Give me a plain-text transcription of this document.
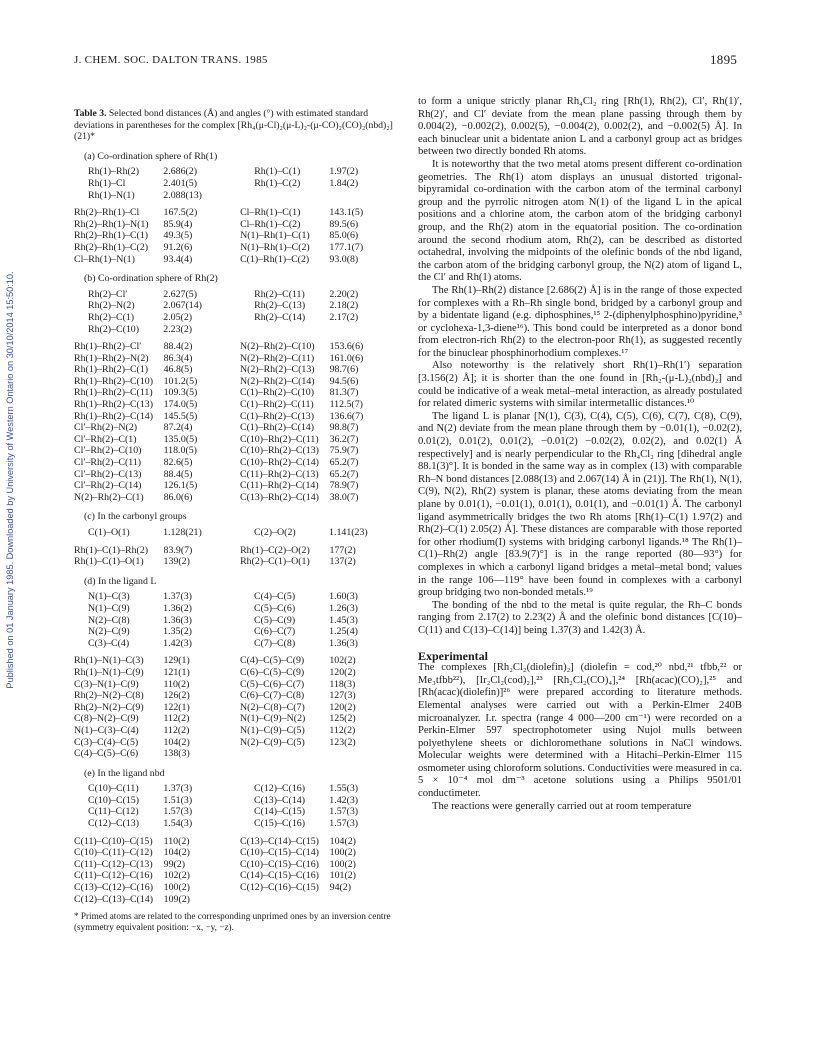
J. CHEM. SOC. DALTON TRANS. 1985	1895
Published on 01 January 1985. Downloaded by University of Western Ontario on 30/10/2014 15:50:10.
Table 3. Selected bond distances (Å) and angles (°) with estimated standard deviations in parentheses for the complex [Rh₄(μ-Cl)₂(μ-L)₂-(μ-CO)₂(CO)₂(nbd)₂] (21)*
(a) Co-ordination sphere of Rh(1)
Rh(1)–Rh(2)	2.686(2)	Rh(1)–C(1)	1.97(2)
Rh(1)–Cl	2.401(5)	Rh(1)–C(2)	1.84(2)
Rh(1)–N(1)	2.088(13)		
Rh(2)–Rh(1)–Cl	167.5(2)	Cl–Rh(1)–C(1)	143.1(5)
Rh(2)–Rh(1)–N(1)	85.9(4)	Cl–Rh(1)–C(2)	89.5(6)
Rh(2)–Rh(1)–C(1)	49.3(5)	N(1)–Rh(1)–C(1)	85.0(6)
Rh(2)–Rh(1)–C(2)	91.2(6)	N(1)–Rh(1)–C(2)	177.1(7)
Cl–Rh(1)–N(1)	93.4(4)	C(1)–Rh(1)–C(2)	93.0(8)
(b) Co-ordination sphere of Rh(2)
Rh(2)–Cl′	2.627(5)	Rh(2)–C(11)	2.20(2)
Rh(2)–N(2)	2.067(14)	Rh(2)–C(13)	2.18(2)
Rh(2)–C(1)	2.05(2)	Rh(2)–C(14)	2.17(2)
Rh(2)–C(10)	2.23(2)		
Rh(1)–Rh(2)–Cl′	88.4(2)	N(2)–Rh(2)–C(10)	153.6(6)
Rh(1)–Rh(2)–N(2)	86.3(4)	N(2)–Rh(2)–C(11)	161.0(6)
Rh(1)–Rh(2)–C(1)	46.8(5)	N(2)–Rh(2)–C(13)	98.7(6)
Rh(1)–Rh(2)–C(10)	101.2(5)	N(2)–Rh(2)–C(14)	94.5(6)
Rh(1)–Rh(2)–C(11)	109.3(5)	C(1)–Rh(2)–C(10)	81.3(7)
Rh(1)–Rh(2)–C(13)	174.0(5)	C(1)–Rh(2)–C(11)	112.5(7)
Rh(1)–Rh(2)–C(14)	145.5(5)	C(1)–Rh(2)–C(13)	136.6(7)
Cl′–Rh(2)–N(2)	87.2(4)	C(1)–Rh(2)–C(14)	98.8(7)
Cl′–Rh(2)–C(1)	135.0(5)	C(10)–Rh(2)–C(11)	36.2(7)
Cl′–Rh(2)–C(10)	118.0(5)	C(10)–Rh(2)–C(13)	75.9(7)
Cl′–Rh(2)–C(11)	82.6(5)	C(10)–Rh(2)–C(14)	65.2(7)
Cl′–Rh(2)–C(13)	88.4(5)	C(11)–Rh(2)–C(13)	65.2(7)
Cl′–Rh(2)–C(14)	126.1(5)	C(11)–Rh(2)–C(14)	78.9(7)
N(2)–Rh(2)–C(1)	86.0(6)	C(13)–Rh(2)–C(14)	38.0(7)
(c) In the carbonyl groups
C(1)–O(1)	1.128(21)	C(2)–O(2)	1.141(23)
Rh(1)–C(1)–Rh(2)	83.9(7)	Rh(1)–C(2)–O(2)	177(2)
Rh(1)–C(1)–O(1)	139(2)	Rh(2)–C(1)–O(1)	137(2)
(d) In the ligand L
N(1)–C(3)	1.37(3)	C(4)–C(5)	1.60(3)
N(1)–C(9)	1.36(2)	C(5)–C(6)	1.26(3)
N(2)–C(8)	1.36(3)	C(5)–C(9)	1.45(3)
N(2)–C(9)	1.35(2)	C(6)–C(7)	1.25(4)
C(3)–C(4)	1.42(3)	C(7)–C(8)	1.36(3)
Rh(1)–N(1)–C(3)	129(1)	C(4)–C(5)–C(9)	102(2)
Rh(1)–N(1)–C(9)	121(1)	C(6)–C(5)–C(9)	120(2)
C(3)–N(1)–C(9)	110(2)	C(5)–C(6)–C(7)	118(3)
Rh(2)–N(2)–C(8)	126(2)	C(6)–C(7)–C(8)	127(3)
Rh(2)–N(2)–C(9)	122(1)	N(2)–C(8)–C(7)	120(2)
C(8)–N(2)–C(9)	112(2)	N(1)–C(9)–N(2)	125(2)
N(1)–C(3)–C(4)	112(2)	N(1)–C(9)–C(5)	112(2)
C(3)–C(4)–C(5)	104(2)	N(2)–C(9)–C(5)	123(2)
C(4)–C(5)–C(6)	138(3)		
(e) In the ligand nbd
C(10)–C(11)	1.37(3)	C(12)–C(16)	1.55(3)
C(10)–C(15)	1.51(3)	C(13)–C(14)	1.42(3)
C(11)–C(12)	1.57(3)	C(14)–C(15)	1.57(3)
C(12)–C(13)	1.54(3)	C(15)–C(16)	1.57(3)
C(11)–C(10)–C(15)	110(2)	C(13)–C(14)–C(15)	104(2)
C(10)–C(11)–C(12)	104(2)	C(10)–C(15)–C(14)	100(2)
C(11)–C(12)–C(13)	99(2)	C(10)–C(15)–C(16)	100(2)
C(11)–C(12)–C(16)	102(2)	C(14)–C(15)–C(16)	101(2)
C(13)–C(12)–C(16)	100(2)	C(12)–C(16)–C(15)	94(2)
C(12)–C(13)–C(14)	109(2)		
* Primed atoms are related to the corresponding unprimed ones by an inversion centre (symmetry equivalent position: −x, −y, −z).

to form a unique strictly planar Rh₄Cl₂ ring [Rh(1), Rh(2), Cl′, Rh(1)′, Rh(2)′, and Cl′ deviate from the mean plane passing through them by 0.004(2), −0.002(2), 0.002(5), −0.004(2), 0.002(2), and −0.002(5) Å]. In each binuclear unit a bidentate anion L and a carbonyl group act as bridges between two directly bonded Rh atoms.

It is noteworthy that the two metal atoms present different co-ordination geometries. The Rh(1) atom displays an unusual distorted trigonal-bipyramidal co-ordination with the carbon atom of the terminal carbonyl group and the pyrrolic nitrogen atom N(1) of the ligand L in the apical positions and a chlorine atom, the carbon atom of the bridging carbonyl group, and the Rh(2) atom in the equatorial position. The co-ordination around the second rhodium atom, Rh(2), can be described as distorted octahedral, involving the midpoints of the olefinic bonds of the nbd ligand, the carbon atom of the bridging carbonyl group, the N(2) atom of ligand L, the Cl′ and Rh(1) atoms.

The Rh(1)–Rh(2) distance [2.686(2) Å] is in the range of those expected for complexes with a Rh–Rh single bond, bridged by a carbonyl group and by a bidentate ligand (e.g. diphosphines,¹⁵ 2-(diphenylphosphino)pyridine,³ or cyclohexa-1,3-diene¹⁶). This bond could be interpreted as a donor bond from electron-rich Rh(2) to the electron-poor Rh(1), as suggested recently for the binuclear phosphinorhodium complexes.¹⁷

Also noteworthy is the relatively short Rh(1)–Rh(1′) separation [3.156(2) Å]; it is shorter than the one found in [Rh₂-(μ-L)₂(nbd)₂] and could be indicative of a weak metal–metal interaction, as already postulated for related dimeric systems with similar intermetallic distances.¹⁰

The ligand L is planar [N(1), C(3), C(4), C(5), C(6), C(7), C(8), C(9), and N(2) deviate from the mean plane through them by −0.01(1), −0.02(2), 0.01(2), 0.01(2), 0.01(2), −0.01(2) −0.02(2), 0.02(2), and 0.02(1) Å respectively] and is nearly perpendicular to the Rh₄Cl₂ ring [dihedral angle 88.1(3)°]. It is bonded in the same way as in complex (13) with comparable Rh–N bond distances [2.088(13) and 2.067(14) Å in (21)]. The Rh(1), N(1), C(9), N(2), Rh(2) system is planar, these atoms deviating from the mean plane by 0.01(1), −0.01(1), 0.01(1), 0.01(1), and −0.01(1) Å. The carbonyl ligand asymmetrically bridges the two Rh atoms [Rh(1)–C(1) 1.97(2) and Rh(2)–C(1) 2.05(2) Å]. These distances are comparable with those reported for other rhodium(I) systems with bridging carbonyl ligands.¹⁸ The Rh(1)–C(1)–Rh(2) angle [83.9(7)°] is in the range reported (80—93°) for complexes in which a carbonyl ligand bridges a metal–metal bond; values in the range 106—119° have been found in complexes with a carbonyl group bridging two non-bonded metals.¹⁹

The bonding of the nbd to the metal is quite regular, the Rh–C bonds ranging from 2.17(2) to 2.23(2) Å and the olefinic bond distances [C(10)–C(11) and C(13)–C(14)] being 1.37(3) and 1.42(3) Å.

Experimental

The complexes [Rh₂Cl₂(diolefin)₂] (diolefin = cod,²⁰ nbd,²¹ tfbb,²² or Me₃tfbb²²), [Ir₂Cl₂(cod)₂],²³ [Rh₂Cl₂(CO)₄],²⁴ [Rh(acac)(CO)₂],²⁵ and [Rh(acac)(diolefin)]²⁶ were prepared according to literature methods. Elemental analyses were carried out with a Perkin-Elmer 240B microanalyzer. I.r. spectra (range 4 000—200 cm⁻¹) were recorded on a Perkin-Elmer 597 spectrophotometer using Nujol mulls between polyethylene sheets or dichloromethane solutions in NaCl windows. Molecular weights were determined with a Hitachi–Perkin-Elmer 115 osmometer using chloroform solutions. Conductivities were measured in ca. 5 × 10⁻⁴ mol dm⁻³ acetone solutions using a Philips 9501/01 conductimeter.

The reactions were generally carried out at room temperature
